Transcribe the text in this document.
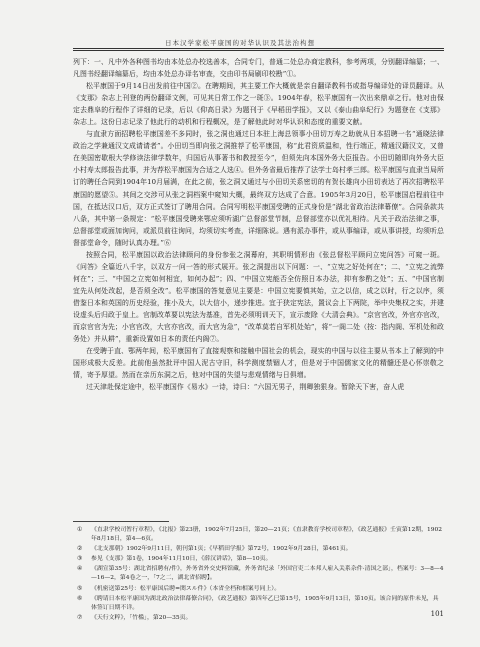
日本汉学家松平康国的对华认识及其法治构想

列下：一、凡中外各种图书均由本处总办校选善本，合同专门，普通二处总办商定教科，参考两项，分别翻译编纂；一、凡图书经翻译编纂后，均由本处总办译名审查，交由印书局刷印校勘”①。

松平康国于9月14日出发前往中国②。在聘期间，其主要工作大概就是亲自翻译教科书或指导编译处的译员翻译。从《支那》杂志上刊登的两份翻译文例，可见其日常工作之一斑③。1904年春，松平康国有一次出来鼎卓之行。他对由保定去鼎阜的行程作了详细的记录，后以《仰高日录》为题刊于《早稻田学报》，又以《泰山曲阜纪行》为题登在《支那》杂志上。这份日志记录了他此行的动机和行程概况，是了解他此时对华认识和态度的重要文献。

与直隶方面招聘松平康国差不多同时，张之洞也通过日本驻上海总领事小田切万寿之助就从日本招聘一名“通晓法律政治之学兼通汉文成请请者”。小田切当即向张之洞推荐了松平康国，称“此君资质温和，性行端正，精通汉籍汉文，又曾在美国密歇根大学修读法律学数年，归国后从事著书和教授至今”，但须先向本国外务大臣报告。小田切随即向外务大臣小村寿太郎报告此事，并为荐松平康国为合适之人选④。但外务省最后推荐了法学士岛村孝三郎。松平康国与直隶当局所订的聘任合同到1904年10月届满，在此之前，张之洞又通过与小田切关系密切的有贺长雄向小田切表达了再次招聘松平康国的愿望⑤。其间之交涉可从张之洞档案中窥知大概，最终双方达成了合意。1905年3月20日，松平康国启程前往中国，在抵达汉口后，双方正式签订了聘用合同。合同写明松平康国受聘的正式身份是“湖北省政治法律幕僚”。合同条款共八条，其中第一条规定：“松平康国受聘来鄂应须听湖广总督部堂节制，总督部堂亦以优礼相待。凡关于政治法律之事，总督部堂或面加询问，或派员前往询问，均须切实考查，详细陈说。遇有派办事件，或从事编译，或从事讲授，均须听总督部堂命令，随时认真办理。”⑥

按照合同，松平康国以政治法律顾问的身份参张之洞幕府，其职明情形由《张总督松平顾问立宪问答》可窥一斑。《问答》全篇近八千字，以双方一问一答的形式展开。张之洞提出以下问题：一、“立宪之好处何在”；二、“立宪之流弊何在”；三、“中国之立宪如何相宜，如何办起”；四、“中国立宪能否全仿照日本办法，抑有参酌之处”；五、“中国官制宜先从何处改起，是否须全改”。松平康国的答复意见主要是：中国立宪要慎其始，立之以信，成之以时，行之以序，须借鉴日本和英国的历史经验，推小及大，以大信小，递步推进。宜于狭定宪法，置议会上下两院，举中央集权之实，并建设虚头后归政于皇上。官制改革要以宪法为基准，首先必须明训天下，宣示废除《大清会典》。“京官官改，外官亦官改，而京官官为先；小官官改，大官亦官改，而大官为急”，“改革莫若自军机处始”，将“一阁二处（按：指内阁、军机处和政务处）并从耕”，重新设置如日本的责任内阁⑦。

在受聘于直、鄂两年间，松平康国有了直接观察和接触中国社会的机会，现实的中国与以往主要从书本上了解到的中国形成极大反差。此前他虽然批评中国人泥古守旧，科学测度禁锢人才，但是对于中国儒家文化的精髓还是心怀崇敬之情，寄予厚望。然而在亲历东洞之后，他对中国的失望与悲观情绪与日俱增。

过天津赴保定途中，松平康国作《易水》一诗，诗曰：“六国无男子，荆卿独狠身。暂除天下害，奋人虎

① 《直隶学校司暂行章程》，《北报》第23册，1902年7月25日，第20—21页；《直隶教育学校司章程》，《政艺通报》壬寅第12期，1902年8月18日，第4—6页。
② 《北支那朝》1902年9月11日，朝刊第1页；《早稻田学报》第72号，1902年9月28日，第461页。
③ 参见《支那》第1卷，1904年11月10日，《薛汉讲话》，第8—10页。
④ 《湖宣第35号：湖北省招聘有/件》，外务省外交史料馆藏，外务省纪录「外国官吏二本邦人雇入关系杂件·清国之部」，档案号：3—8—4—16—2，第4卷之一，「7之二，湖北省招聘】。
⑤ 《机密送第25号：松平康国后聘=関スル件》（本省全档和相案号同上）。
⑥ 《聘请日本松平康国为湖北政治法律幕僚合同》，《政艺通报》第四年乙巳第15号，1905年9月13日，第10页。该合同的原件未见，具体签订日期不详。
⑦ 《天行文粹》，「竹槛」，第20—35页。	101
